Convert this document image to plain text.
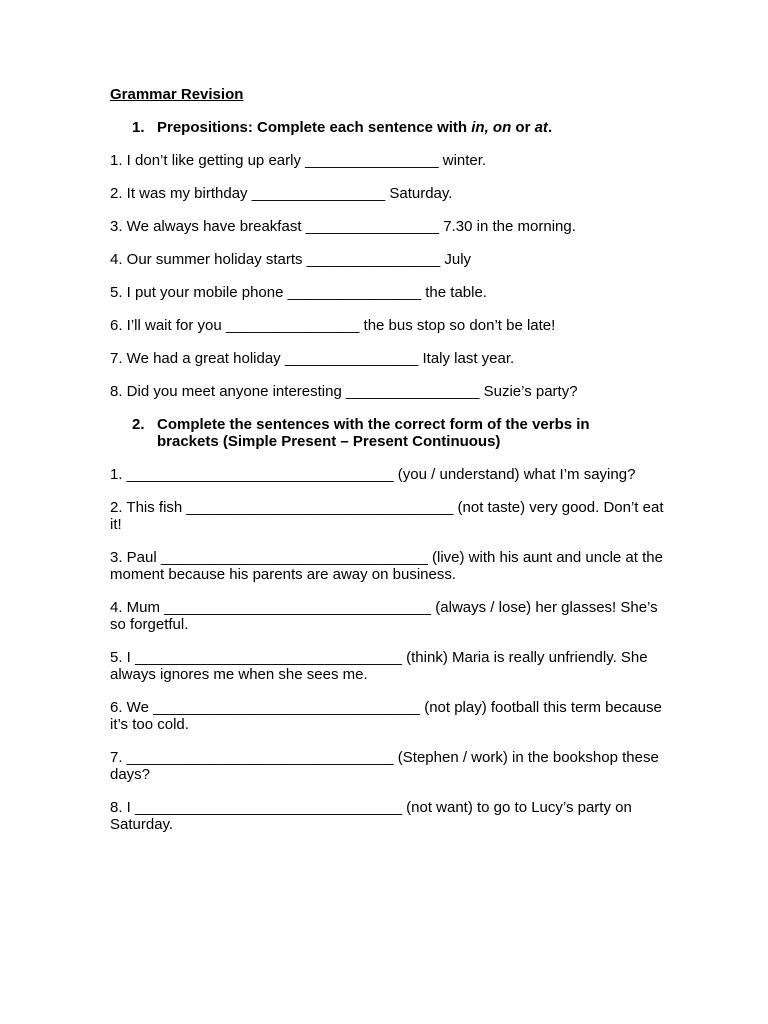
Grammar Revision
1. Prepositions: Complete each sentence with in, on or at.
1. I don’t like getting up early ________________ winter.
2. It was my birthday ________________ Saturday.
3. We always have breakfast ________________ 7.30 in the morning.
4. Our summer holiday starts ________________ July
5. I put your mobile phone ________________ the table.
6. I’ll wait for you ________________ the bus stop so don’t be late!
7. We had a great holiday ________________ Italy last year.
8. Did you meet anyone interesting ________________ Suzie’s party?
2. Complete the sentences with the correct form of the verbs in brackets (Simple Present – Present Continuous)
1. ________________________________ (you / understand) what I’m saying?
2. This fish ________________________________ (not taste) very good. Don’t eat it!
3. Paul ________________________________ (live) with his aunt and uncle at the moment because his parents are away on business.
4. Mum ________________________________ (always / lose) her glasses! She’s so forgetful.
5. I ________________________________ (think) Maria is really unfriendly. She always ignores me when she sees me.
6. We ________________________________ (not play) football this term because it’s too cold.
7. ________________________________ (Stephen / work) in the bookshop these days?
8. I ________________________________ (not want) to go to Lucy’s party on Saturday.
